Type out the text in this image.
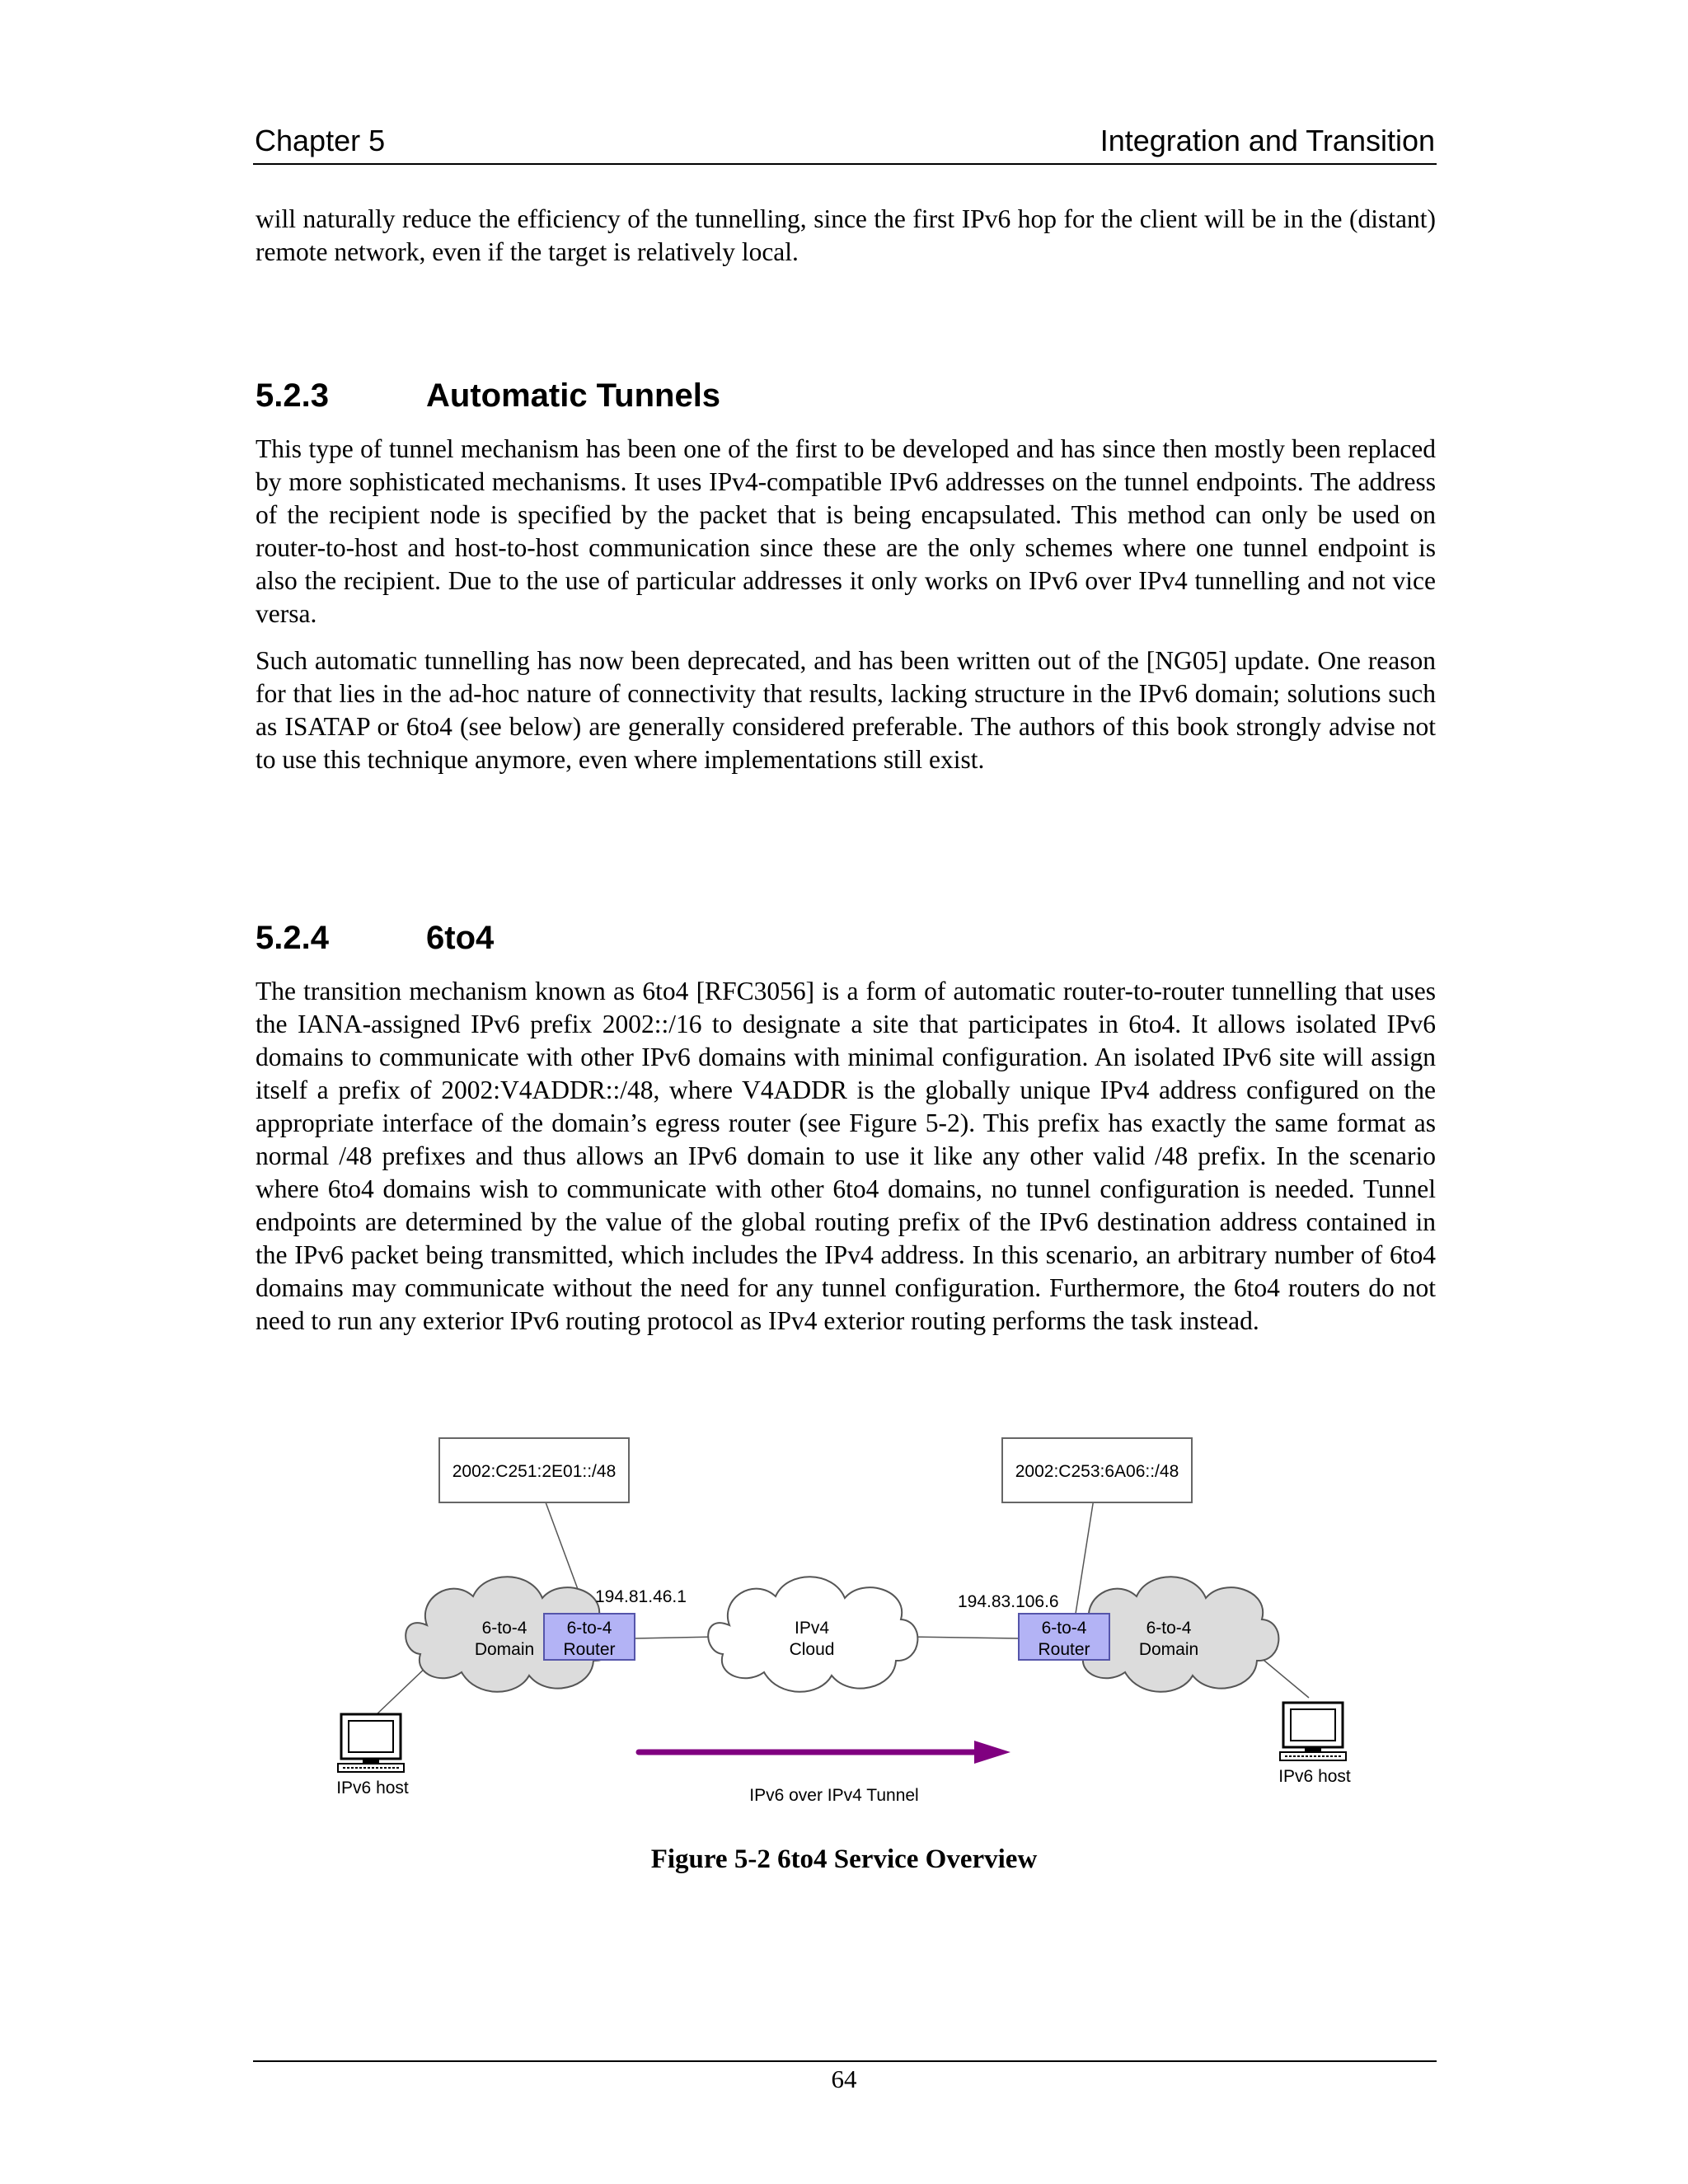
Chapter 5	Integration and Transition

will naturally reduce the efficiency of the tunnelling, since the first IPv6 hop for the client will be in the (distant) remote network, even if the target is relatively local.

5.2.3	Automatic Tunnels

This type of tunnel mechanism has been one of the first to be developed and has since then mostly been replaced by more sophisticated mechanisms. It uses IPv4-compatible IPv6 addresses on the tunnel endpoints. The address of the recipient node is specified by the packet that is being encapsulated. This method can only be used on router-to-host and host-to-host communication since these are the only schemes where one tunnel endpoint is also the recipient. Due to the use of particular addresses it only works on IPv6 over IPv4 tunnelling and not vice versa.

Such automatic tunnelling has now been deprecated, and has been written out of the [NG05] update. One reason for that lies in the ad-hoc nature of connectivity that results, lacking structure in the IPv6 domain; solutions such as ISATAP or 6to4 (see below) are generally considered preferable. The authors of this book strongly advise not to use this technique anymore, even where implementations still exist.

5.2.4	6to4

The transition mechanism known as 6to4 [RFC3056] is a form of automatic router-to-router tunnelling that uses the IANA-assigned IPv6 prefix 2002::/16 to designate a site that participates in 6to4. It allows isolated IPv6 domains to communicate with other IPv6 domains with minimal configuration. An isolated IPv6 site will assign itself a prefix of 2002:V4ADDR::/48, where V4ADDR is the globally unique IPv4 address configured on the appropriate interface of the domain’s egress router (see Figure 5-2). This prefix has exactly the same format as normal /48 prefixes and thus allows an IPv6 domain to use it like any other valid /48 prefix. In the scenario where 6to4 domains wish to communicate with other 6to4 domains, no tunnel configuration is needed. Tunnel endpoints are determined by the value of the global routing prefix of the IPv6 destination address contained in the IPv6 packet being transmitted, which includes the IPv4 address. In this scenario, an arbitrary number of 6to4 domains may communicate without the need for any tunnel configuration. Furthermore, the 6to4 routers do not need to run any exterior IPv6 routing protocol as IPv4 exterior routing performs the task instead.

2002:C251:2E01::/48	2002:C253:6A06::/48
6-to-4
Domain
6-to-4
Domain
IPv4
Cloud
6-to-4
Router
6-to-4
Router
194.81.46.1	194.83.106.6
IPv6 host
IPv6 host
IPv6 over IPv4 Tunnel
Figure 5-2 6to4 Service Overview
64
